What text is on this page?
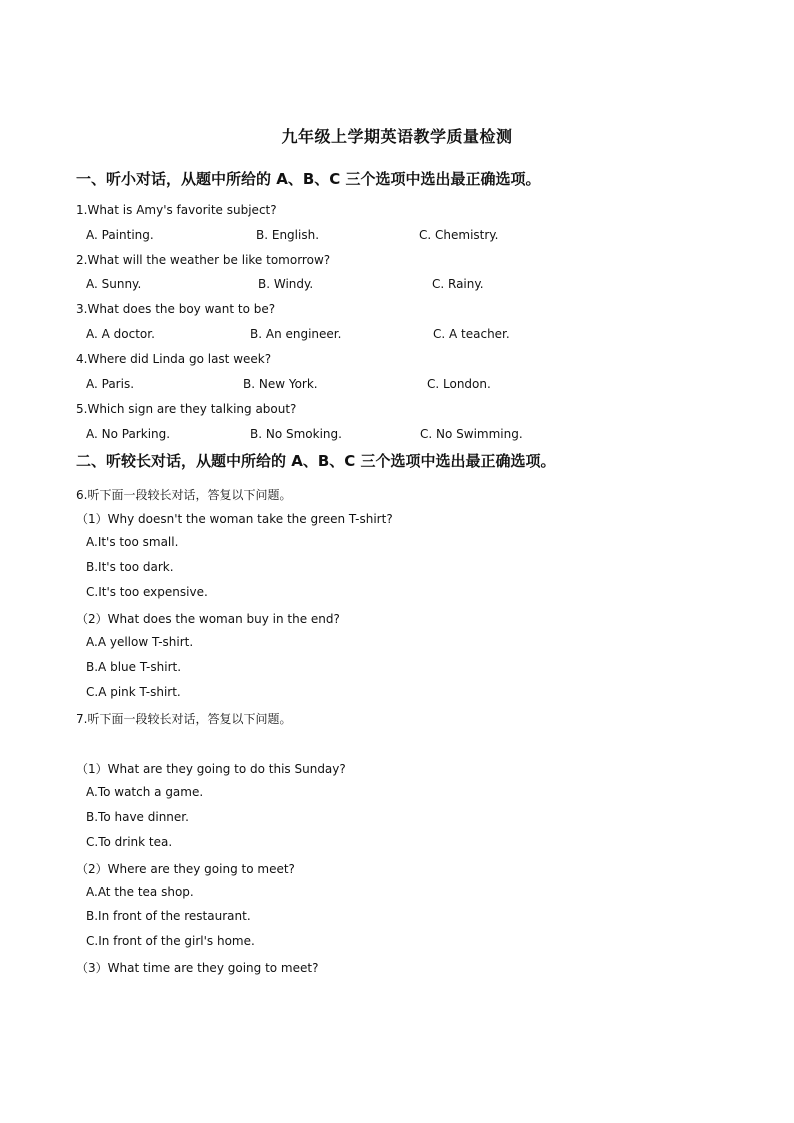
九年级上学期英语教学质量检测
一、听小对话，从题中所给的 A、B、C 三个选项中选出最正确选项。
1.What is Amy's favorite subject?
A. Painting.	B. English.	C. Chemistry.
2.What will the weather be like tomorrow?
A. Sunny.	B. Windy.	C. Rainy.
3.What does the boy want to be?
A. A doctor.	B. An engineer.	C. A teacher.
4.Where did Linda go last week?
A. Paris.	B. New York.	C. London.
5.Which sign are they talking about?
A. No Parking.	B. No Smoking.	C. No Swimming.
二、听较长对话，从题中所给的 A、B、C 三个选项中选出最正确选项。
6.听下面一段较长对话，答复以下问题。
（1）Why doesn't the woman take the green T-shirt?
A.It's too small.
B.It's too dark.
C.It's too expensive.
（2）What does the woman buy in the end?
A.A yellow T-shirt.
B.A blue T-shirt.
C.A pink T-shirt.
7.听下面一段较长对话，答复以下问题。
（1）What are they going to do this Sunday?
A.To watch a game.
B.To have dinner.
C.To drink tea.
（2）Where are they going to meet?
A.At the tea shop.
B.In front of the restaurant.
C.In front of the girl's home.
（3）What time are they going to meet?
